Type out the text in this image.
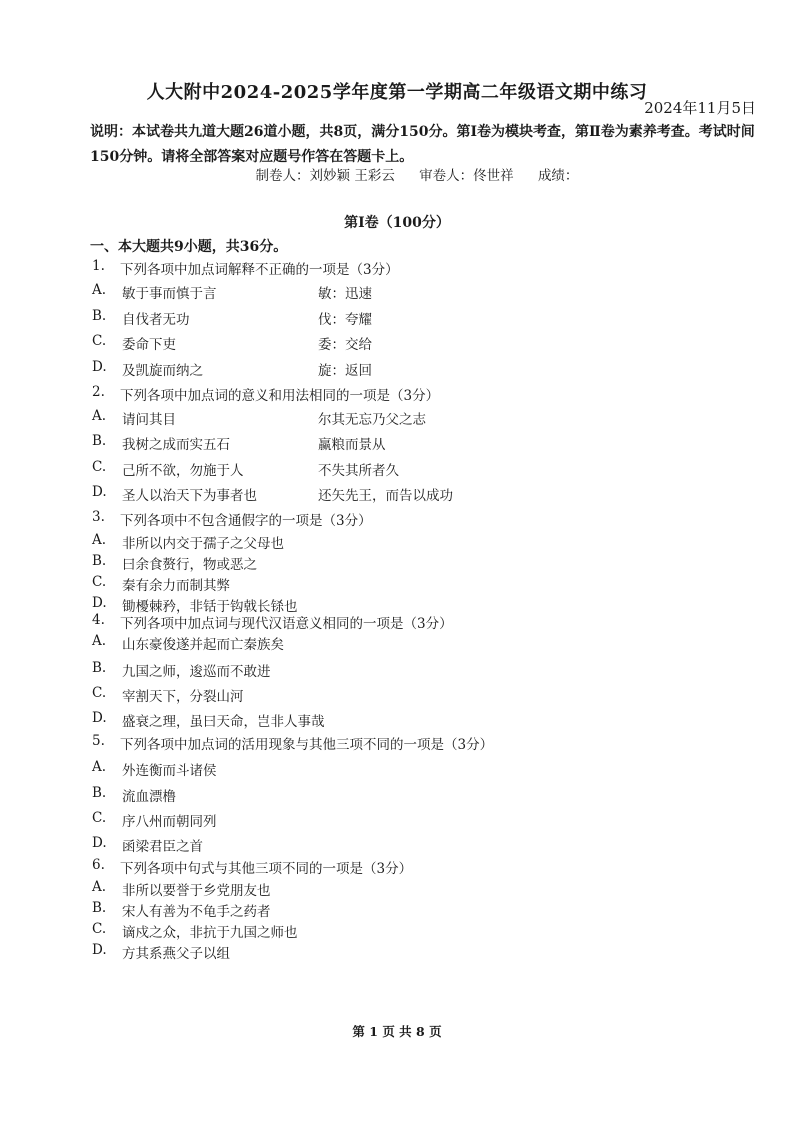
人大附中2024-2025学年度第一学期高二年级语文期中练习
2024年11月5日
说明：本试卷共九道大题26道小题，共8页，满分150分。第Ⅰ卷为模块考查，第Ⅱ卷为素养考查。考试时间150分钟。请将全部答案对应题号作答在答题卡上。
制卷人：刘妙颖 王彩云 审卷人：佟世祥 成绩：
第Ⅰ卷（100分）
一、本大题共9小题，共36分。
1.	下列各项中加点词解释不正确的一项是（3分）
A. 敏于事而慎于言	敏：迅速
B. 自伐者无功	伐：夸耀
C. 委命下吏	委：交给
D. 及凯旋而纳之	旋：返回
2.	下列各项中加点词的意义和用法相同的一项是（3分）
A. 请问其目	尔其无忘乃父之志
B. 我树之成而实五石	赢粮而景从
C. 己所不欲，勿施于人	不失其所者久
D. 圣人以治天下为事者也	还矢先王，而告以成功
3.	下列各项中不包含通假字的一项是（3分）
A. 非所以内交于孺子之父母也
B. 曰余食赘行，物或恶之
C. 秦有余力而制其弊
D. 锄櫌棘矜，非铦于钩戟长铩也
4.	下列各项中加点词与现代汉语意义相同的一项是（3分）
A. 山东豪俊遂并起而亡秦族矣
B. 九国之师，逡巡而不敢进
C. 宰割天下，分裂山河
D. 盛衰之理，虽曰天命，岂非人事哉
5.	下列各项中加点词的活用现象与其他三项不同的一项是（3分）
A. 外连衡而斗诸侯
B. 流血漂橹
C. 序八州而朝同列
D. 函梁君臣之首
6.	下列各项中句式与其他三项不同的一项是（3分）
A. 非所以要誉于乡党朋友也
B. 宋人有善为不龟手之药者
C. 谪戍之众，非抗于九国之师也
D. 方其系燕父子以组
第 1 页 共 8 页
